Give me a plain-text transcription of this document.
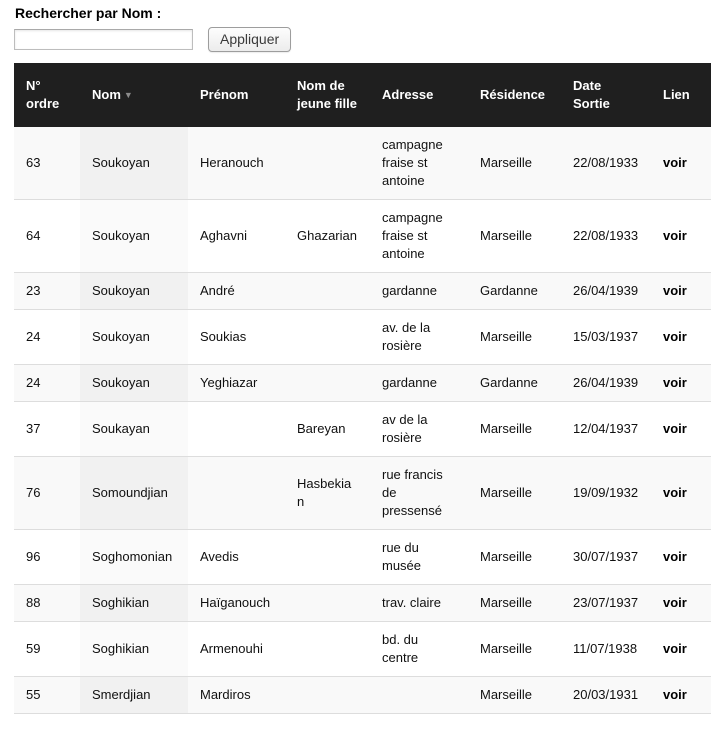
Rechercher par Nom :
Appliquer
N° ordre	Nom ▼	Prénom	Nom de jeune fille	Adresse	Résidence	Date Sortie	Lien
63	Soukoyan	Heranouch		campagne fraise st antoine	Marseille	22/08/1933	voir
64	Soukoyan	Aghavni	Ghazarian	campagne fraise st antoine	Marseille	22/08/1933	voir
23	Soukoyan	André		gardanne	Gardanne	26/04/1939	voir
24	Soukoyan	Soukias		av. de la rosière	Marseille	15/03/1937	voir
24	Soukoyan	Yeghiazar		gardanne	Gardanne	26/04/1939	voir
37	Soukayan		Bareyan	av de la rosière	Marseille	12/04/1937	voir
76	Somoundjian		Hasbekian	rue francis de pressensé	Marseille	19/09/1932	voir
96	Soghomonian	Avedis		rue du musée	Marseille	30/07/1937	voir
88	Soghikian	Haïganouch		trav. claire	Marseille	23/07/1937	voir
59	Soghikian	Armenouhi		bd. du centre	Marseille	11/07/1938	voir
55	Smerdjian	Mardiros			Marseille	20/03/1931	voir
